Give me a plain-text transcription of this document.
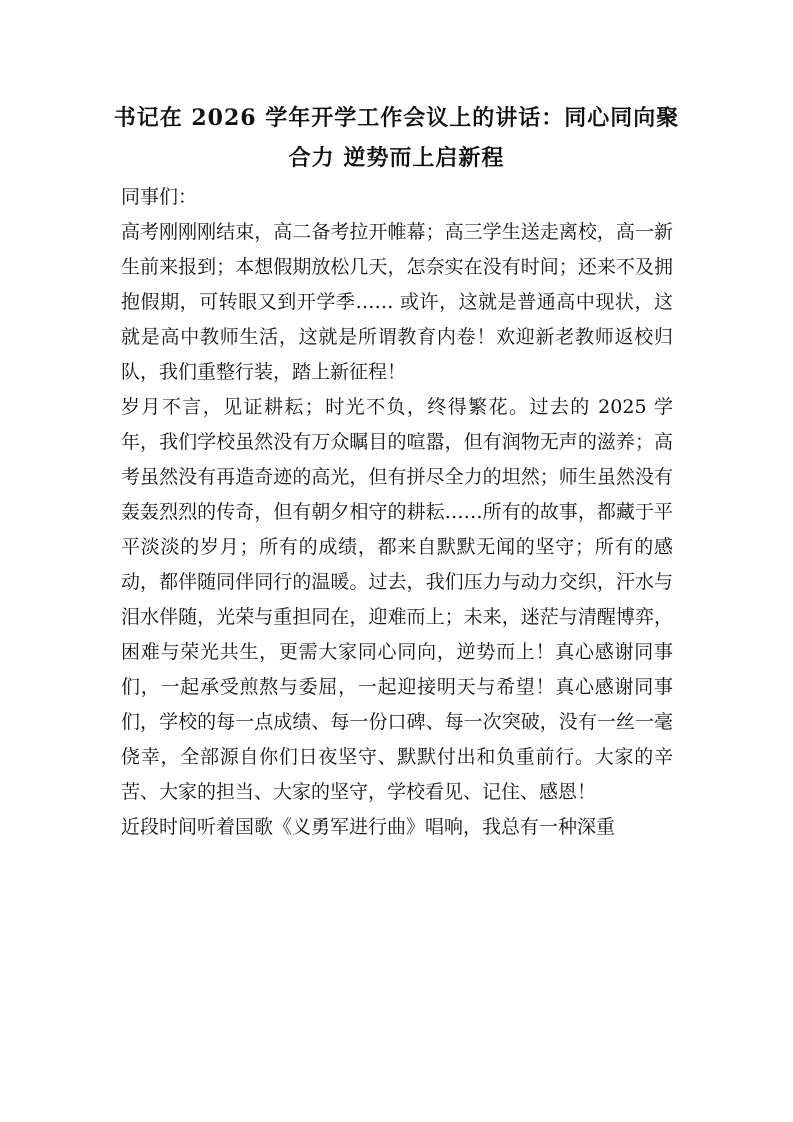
书记在 2026 学年开学工作会议上的讲话：同心同向聚合力 逆势而上启新程

同事们：

高考刚刚刚结束，高二备考拉开帷幕；高三学生送走离校，高一新生前来报到；本想假期放松几天，怎奈实在没有时间；还来不及拥抱假期，可转眼又到开学季…… 或许，这就是普通高中现状，这就是高中教师生活，这就是所谓教育内卷！欢迎新老教师返校归队，我们重整行装，踏上新征程！

岁月不言，见证耕耘；时光不负，终得繁花。过去的 2025 学年，我们学校虽然没有万众瞩目的喧嚣，但有润物无声的滋养；高考虽然没有再造奇迹的高光，但有拼尽全力的坦然；师生虽然没有轰轰烈烈的传奇，但有朝夕相守的耕耘……所有的故事，都藏于平平淡淡的岁月；所有的成绩，都来自默默无闻的坚守；所有的感动，都伴随同伴同行的温暖。过去，我们压力与动力交织，汗水与泪水伴随，光荣与重担同在，迎难而上；未来，迷茫与清醒博弈，困难与荣光共生，更需大家同心同向，逆势而上！真心感谢同事们，一起承受煎熬与委屈，一起迎接明天与希望！真心感谢同事们，学校的每一点成绩、每一份口碑、每一次突破，没有一丝一毫侥幸，全部源自你们日夜坚守、默默付出和负重前行。大家的辛苦、大家的担当、大家的坚守，学校看见、记住、感恩！

近段时间听着国歌《义勇军进行曲》唱响，我总有一种深重
